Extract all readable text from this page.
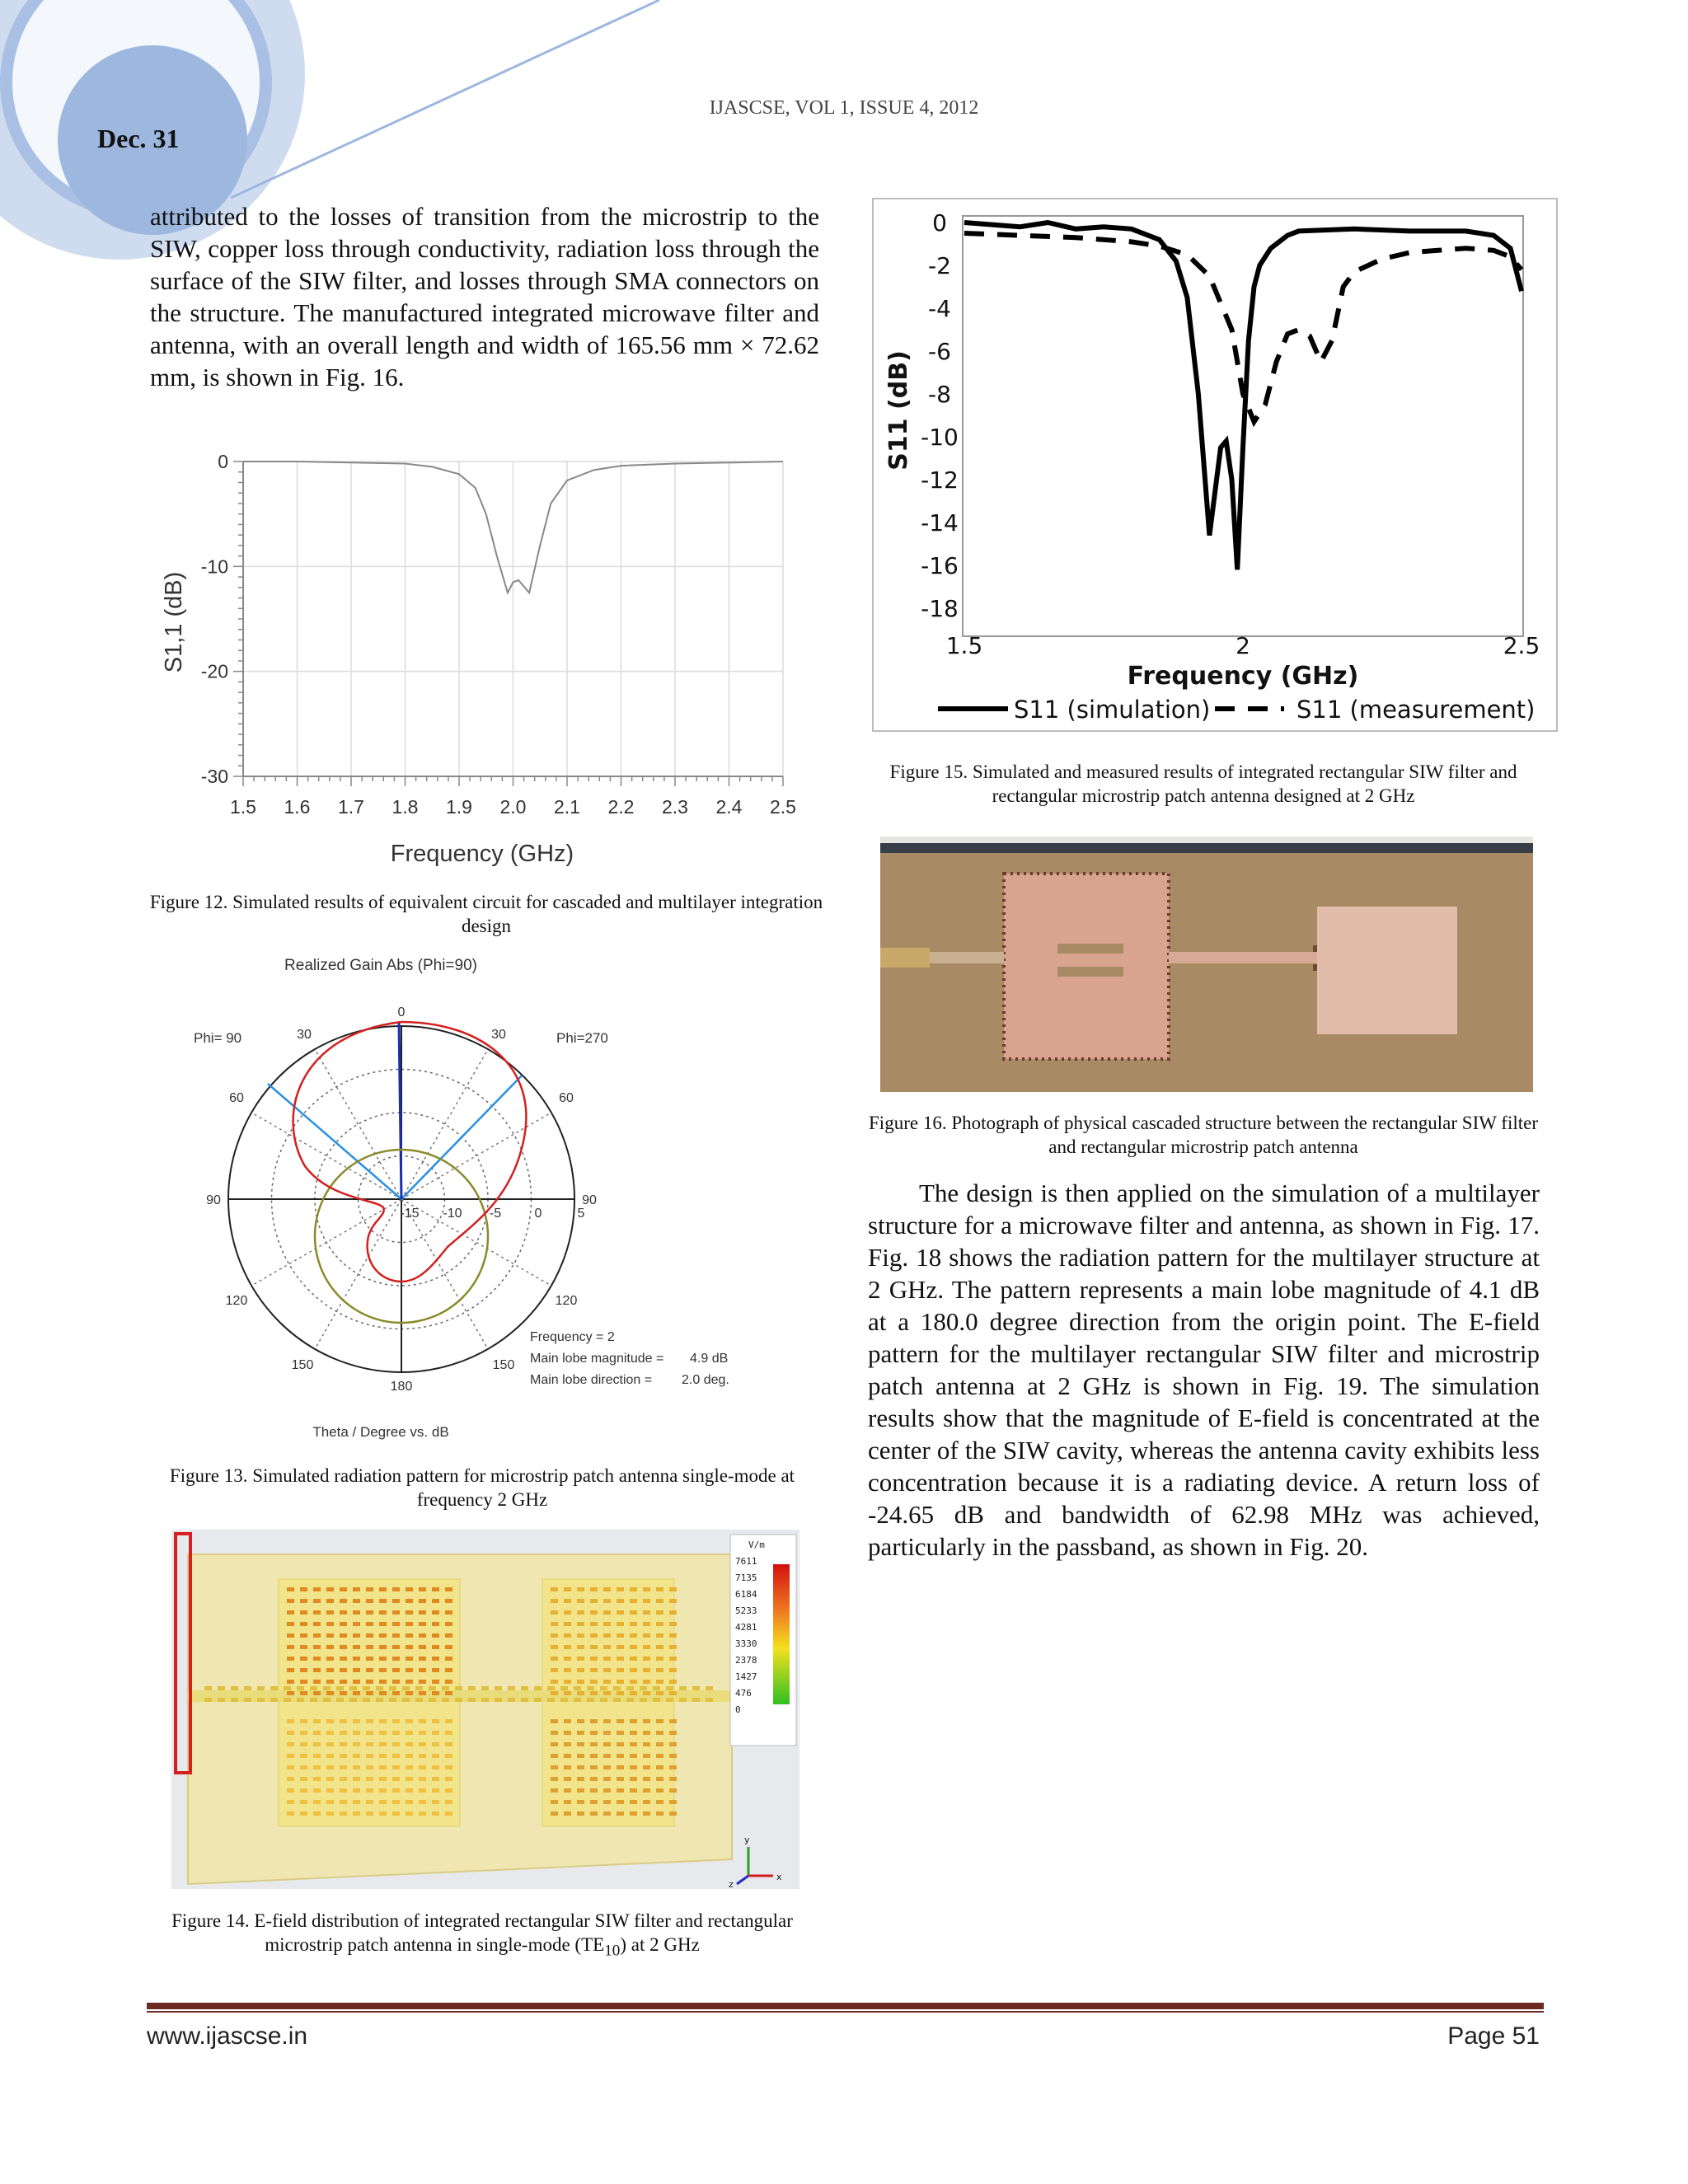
IJASCSE, VOL 1, ISSUE 4, 2012
Dec. 31
attributed to the losses of transition from the microstrip to the SIW, copper loss through conductivity, radiation loss through the surface of the SIW filter, and losses through SMA connectors on the structure. The manufactured integrated microwave filter and antenna, with an overall length and width of 165.56 mm × 72.62 mm, is shown in Fig. 16.
1.5 1.6 1.7 1.8 1.9 2.0 2.1 2.2 2.3 2.4 2.5
0
-10
-20
-30
Frequency (GHz)
S1,1 (dB)
Figure 12. Simulated results of equivalent circuit for cascaded and multilayer integration design
Realized Gain Abs (Phi=90)
Phi= 90	Phi=270
0
30	30
60	60
90	90
120	120
150	150
180
-15 -10 -5	0	5
Frequency = 2
Main lobe magnitude = 4.9 dB
Main lobe direction = 2.0 deg.
Theta / Degree vs. dB
Figure 13. Simulated radiation pattern for microstrip patch antenna single-mode at frequency 2 GHz
V/m
7611
7135
6184
5233
4281
3330
2378
1427
476
0
y
z
x
Figure 14. E-field distribution of integrated rectangular SIW filter and rectangular microstrip patch antenna in single-mode $(TE_{10})$ at 2 GHz
0
-2
-4
-6
-8
-10
-12
-14
-16
-18
1.5	2	2.5
Frequency (GHz)
S11 (dB)
S11 (simulation)	S11 (measurement)
Figure 15. Simulated and measured results of integrated rectangular SIW filter and rectangular microstrip patch antenna designed at 2 GHz
Figure 16. Photograph of physical cascaded structure between the rectangular SIW filter and rectangular microstrip patch antenna
The design is then applied on the simulation of a multilayer structure for a microwave filter and antenna, as shown in Fig. 17. Fig. 18 shows the radiation pattern for the multilayer structure at 2 GHz. The pattern represents a main lobe magnitude of 4.1 dB at a 180.0 degree direction from the origin point. The E-field pattern for the multilayer rectangular SIW filter and microstrip patch antenna at 2 GHz is shown in Fig. 19. The simulation results show that the magnitude of E-field is concentrated at the center of the SIW cavity, whereas the antenna cavity exhibits less concentration because it is a radiating device. A return loss of -24.65 dB and bandwidth of 62.98 MHz was achieved, particularly in the passband, as shown in Fig. 20.
www.ijascse.in	Page 51
